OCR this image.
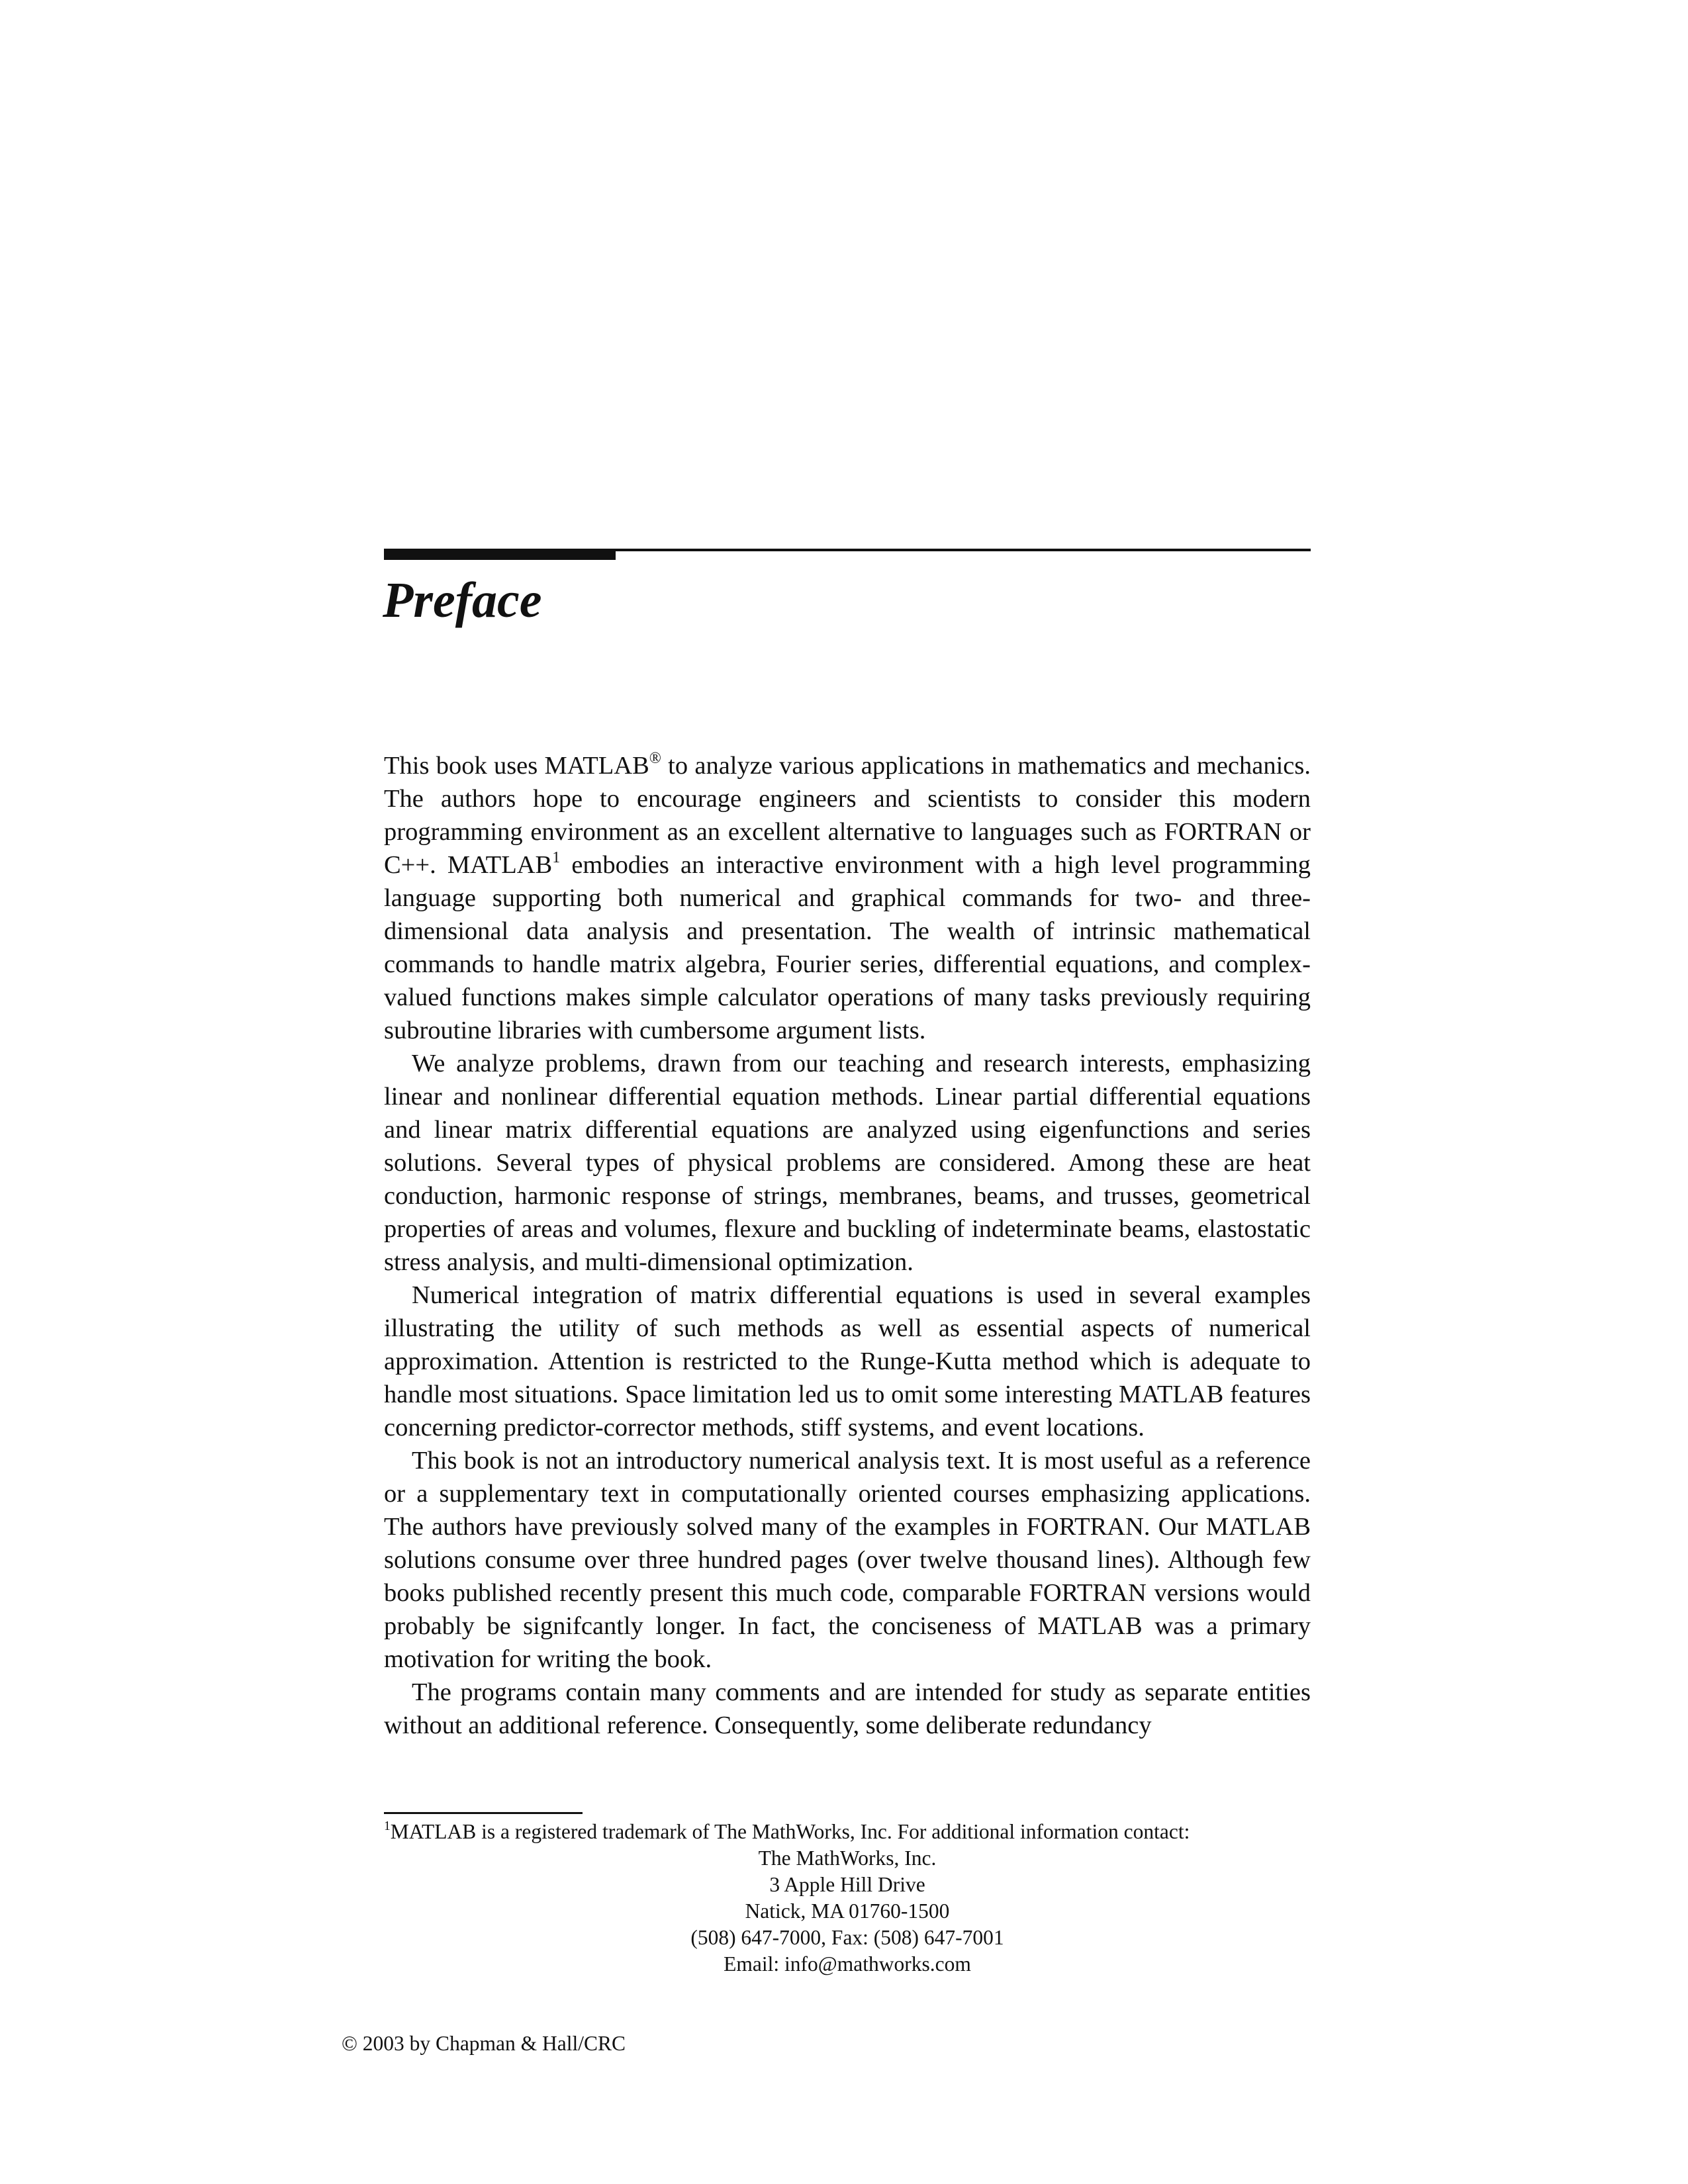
Preface

This book uses MATLAB® to analyze various applications in mathematics and mechanics. The authors hope to encourage engineers and scientists to consider this modern programming environment as an excellent alternative to languages such as FORTRAN or C++. MATLAB$^1$ embodies an interactive environment with a high level programming language supporting both numerical and graphical commands for two- and three-dimensional data analysis and presentation. The wealth of intrinsic mathematical commands to handle matrix algebra, Fourier series, differential equations, and complex-valued functions makes simple calculator operations of many tasks previously requiring subroutine libraries with cumbersome argument lists.

We analyze problems, drawn from our teaching and research interests, emphasizing linear and nonlinear differential equation methods. Linear partial differential equations and linear matrix differential equations are analyzed using eigenfunctions and series solutions. Several types of physical problems are considered. Among these are heat conduction, harmonic response of strings, membranes, beams, and trusses, geometrical properties of areas and volumes, flexure and buckling of indeterminate beams, elastostatic stress analysis, and multi-dimensional optimization.

Numerical integration of matrix differential equations is used in several examples illustrating the utility of such methods as well as essential aspects of numerical approximation. Attention is restricted to the Runge-Kutta method which is adequate to handle most situations. Space limitation led us to omit some interesting MATLAB features concerning predictor-corrector methods, stiff systems, and event locations.

This book is not an introductory numerical analysis text. It is most useful as a reference or a supplementary text in computationally oriented courses emphasizing applications. The authors have previously solved many of the examples in FORTRAN. Our MATLAB solutions consume over three hundred pages (over twelve thousand lines). Although few books published recently present this much code, comparable FORTRAN versions would probably be signifcantly longer. In fact, the conciseness of MATLAB was a primary motivation for writing the book.

The programs contain many comments and are intended for study as separate entities without an additional reference. Consequently, some deliberate redundancy

$^1$MATLAB is a registered trademark of The MathWorks, Inc. For additional information contact:

The MathWorks, Inc.
3 Apple Hill Drive
Natick, MA 01760-1500
(508) 647-7000, Fax: (508) 647-7001
Email: info@mathworks.com
© 2003 by Chapman & Hall/CRC
